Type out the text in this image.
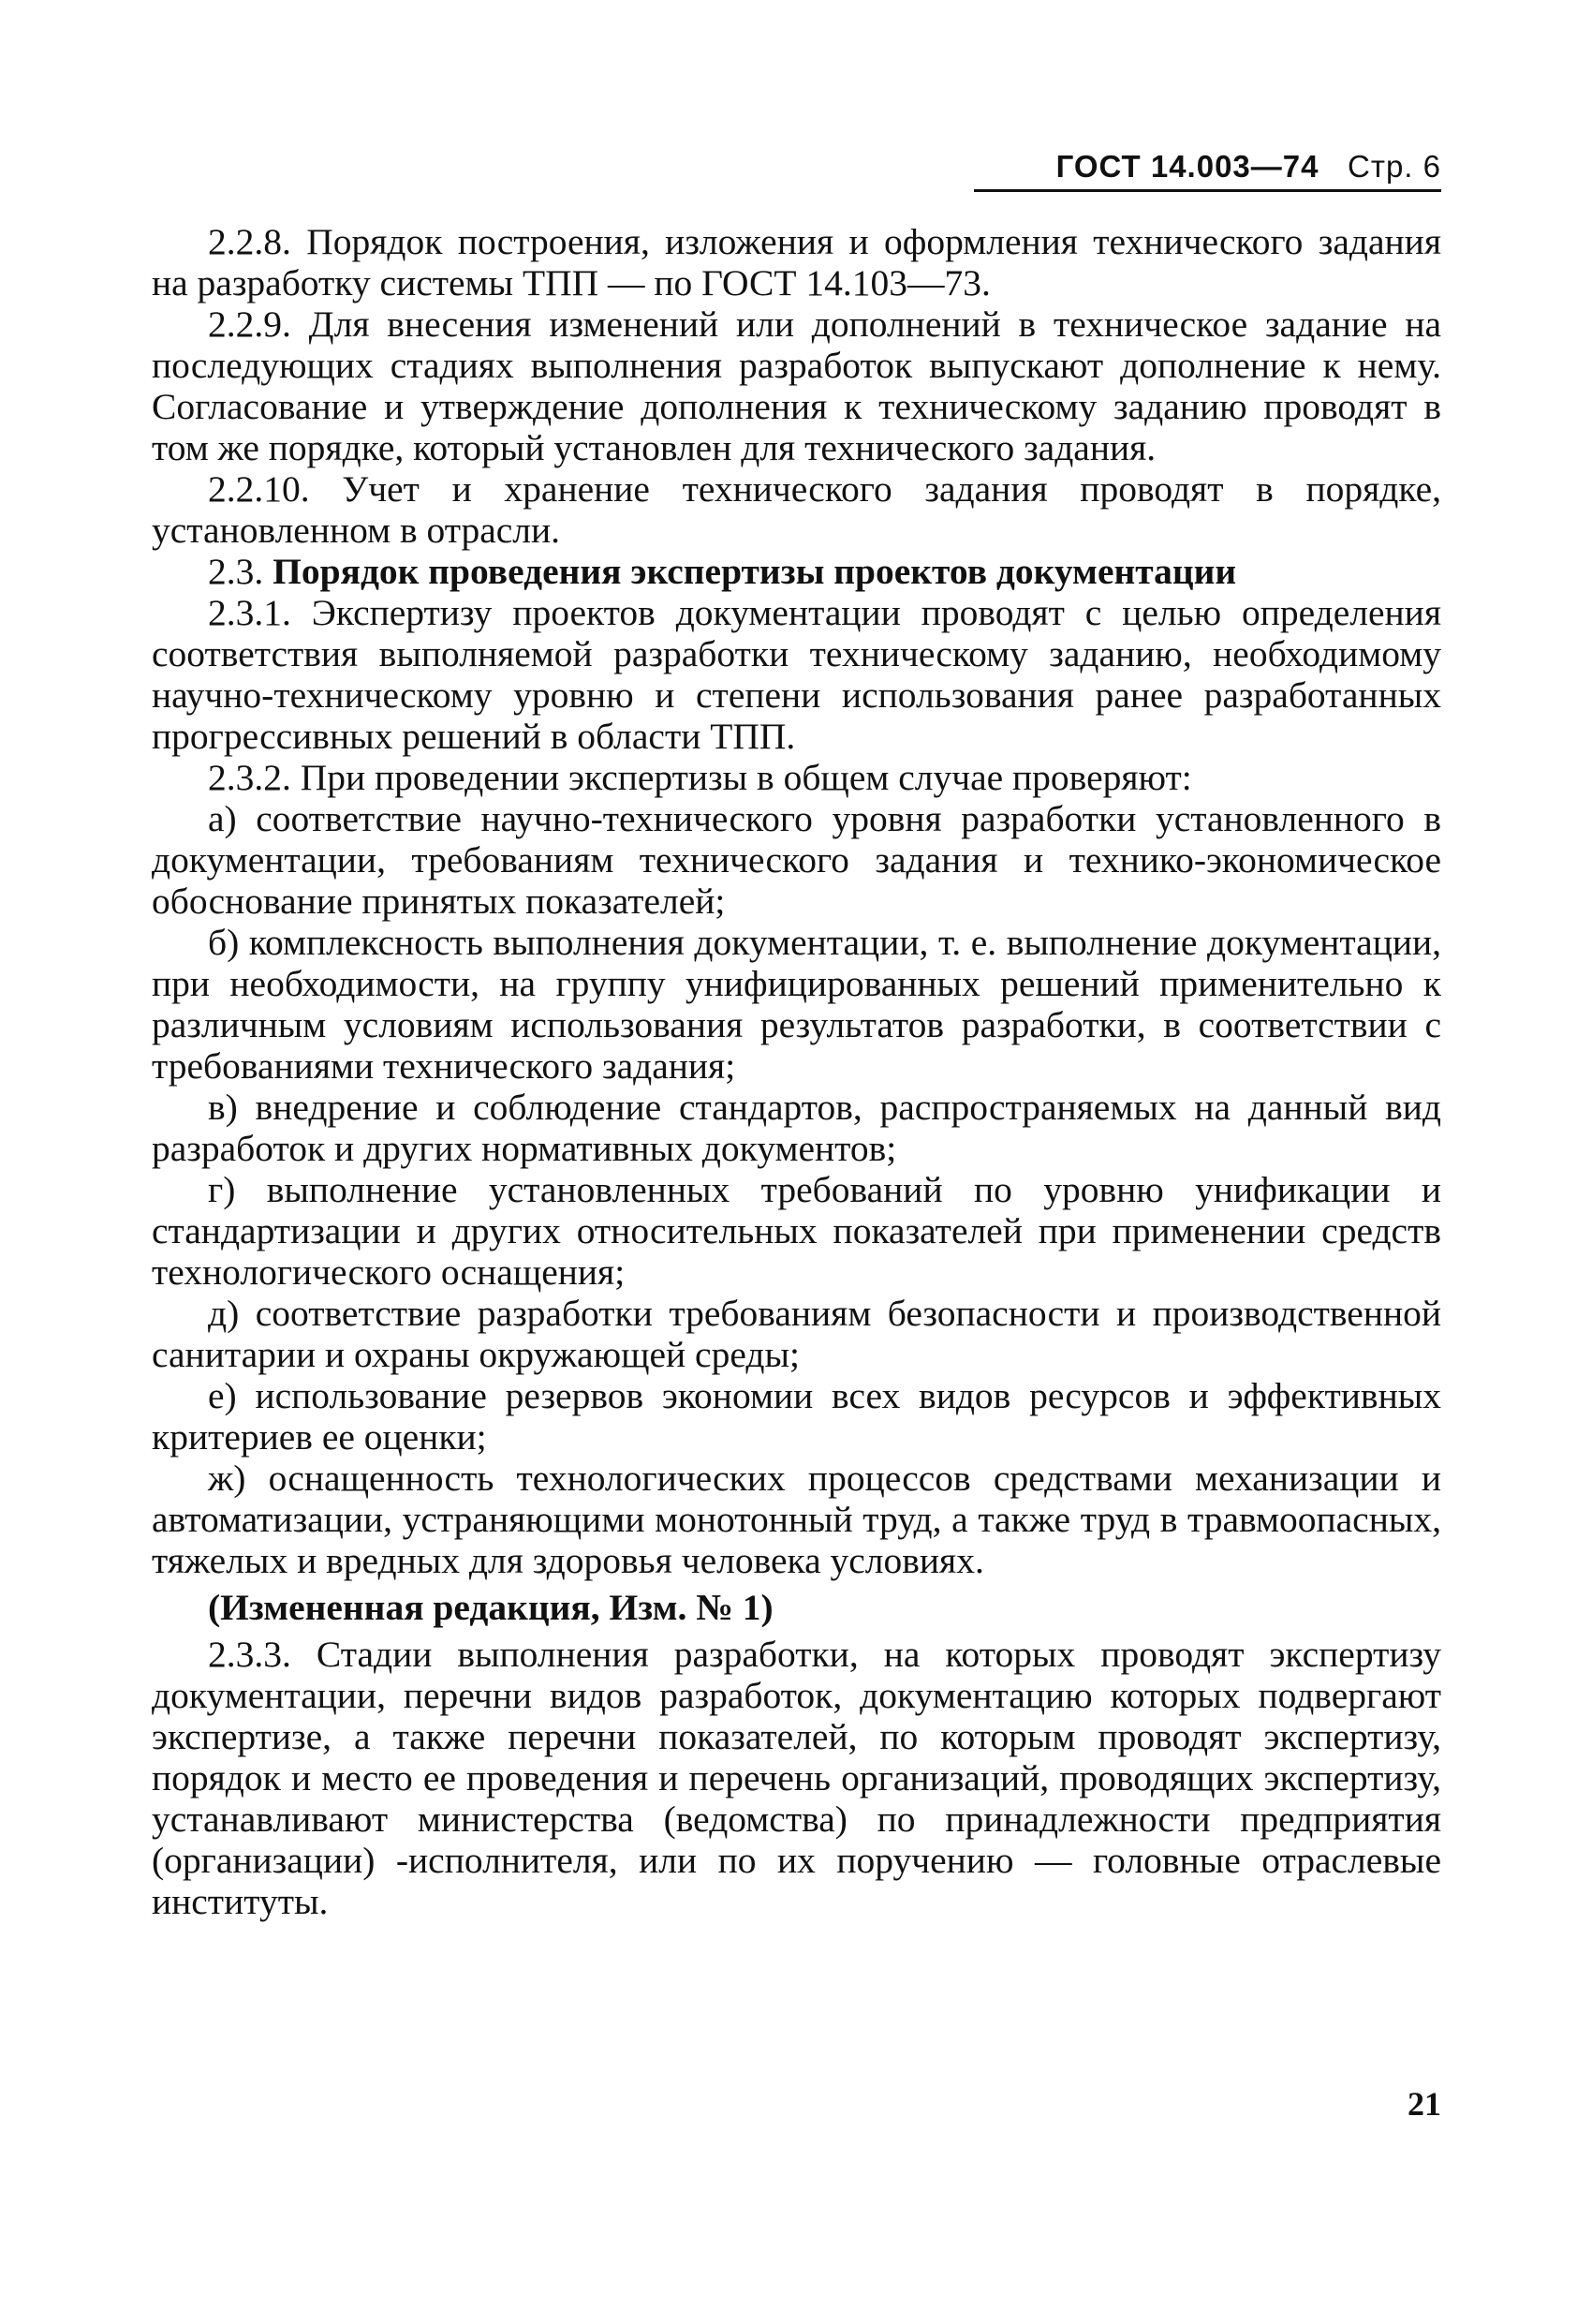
ГОСТ 14.003—74 Стр. 6

2.2.8. Порядок построения, изложения и оформления технического задания на разработку системы ТПП — по ГОСТ 14.103—73.

2.2.9. Для внесения изменений или дополнений в техническое задание на последующих стадиях выполнения разработок выпускают дополнение к нему. Согласование и утверждение дополнения к техническому заданию проводят в том же порядке, который установлен для технического задания.

2.2.10. Учет и хранение технического задания проводят в порядке, установленном в отрасли.

2.3. Порядок проведения экспертизы проектов документации

2.3.1. Экспертизу проектов документации проводят с целью определения соответствия выполняемой разработки техническому заданию, необходимому научно-техническому уровню и степени использования ранее разработанных прогрессивных решений в области ТПП.

2.3.2. При проведении экспертизы в общем случае проверяют:

а) соответствие научно-технического уровня разработки установленного в документации, требованиям технического задания и технико-экономическое обоснование принятых показателей;

б) комплексность выполнения документации, т. е. выполнение документации, при необходимости, на группу унифицированных решений применительно к различным условиям использования результатов разработки, в соответствии с требованиями технического задания;

в) внедрение и соблюдение стандартов, распространяемых на данный вид разработок и других нормативных документов;

г) выполнение установленных требований по уровню унификации и стандартизации и других относительных показателей при применении средств технологического оснащения;

д) соответствие разработки требованиям безопасности и производственной санитарии и охраны окружающей среды;

е) использование резервов экономии всех видов ресурсов и эффективных критериев ее оценки;

ж) оснащенность технологических процессов средствами механизации и автоматизации, устраняющими монотонный труд, а также труд в травмоопасных, тяжелых и вредных для здоровья человека условиях.

(Измененная редакция, Изм. № 1)

2.3.3. Стадии выполнения разработки, на которых проводят экспертизу документации, перечни видов разработок, документацию которых подвергают экспертизе, а также перечни показателей, по которым проводят экспертизу, порядок и место ее проведения и перечень организаций, проводящих экспертизу, устанавливают министерства (ведомства) по принадлежности предприятия (организации) -исполнителя, или по их поручению — головные отраслевые институты.

21
